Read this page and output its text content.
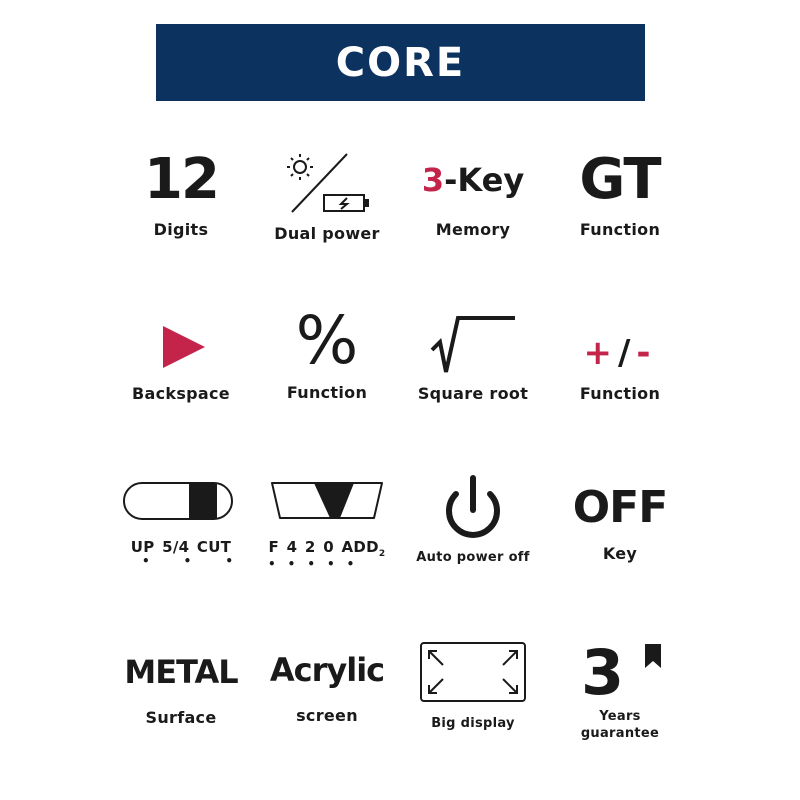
CORE
12
Digits	Dual power
3-Key
Memory
GT
Function
Backspace
%
Function	Square root
+/-
Function
UP 5/4 CUT
•••
F 4 2 0 $ADD_2$
•••••	Auto power off
OFF
Key
METAL
Surface
Acrylic
screen	Big display
3
Years
guarantee
